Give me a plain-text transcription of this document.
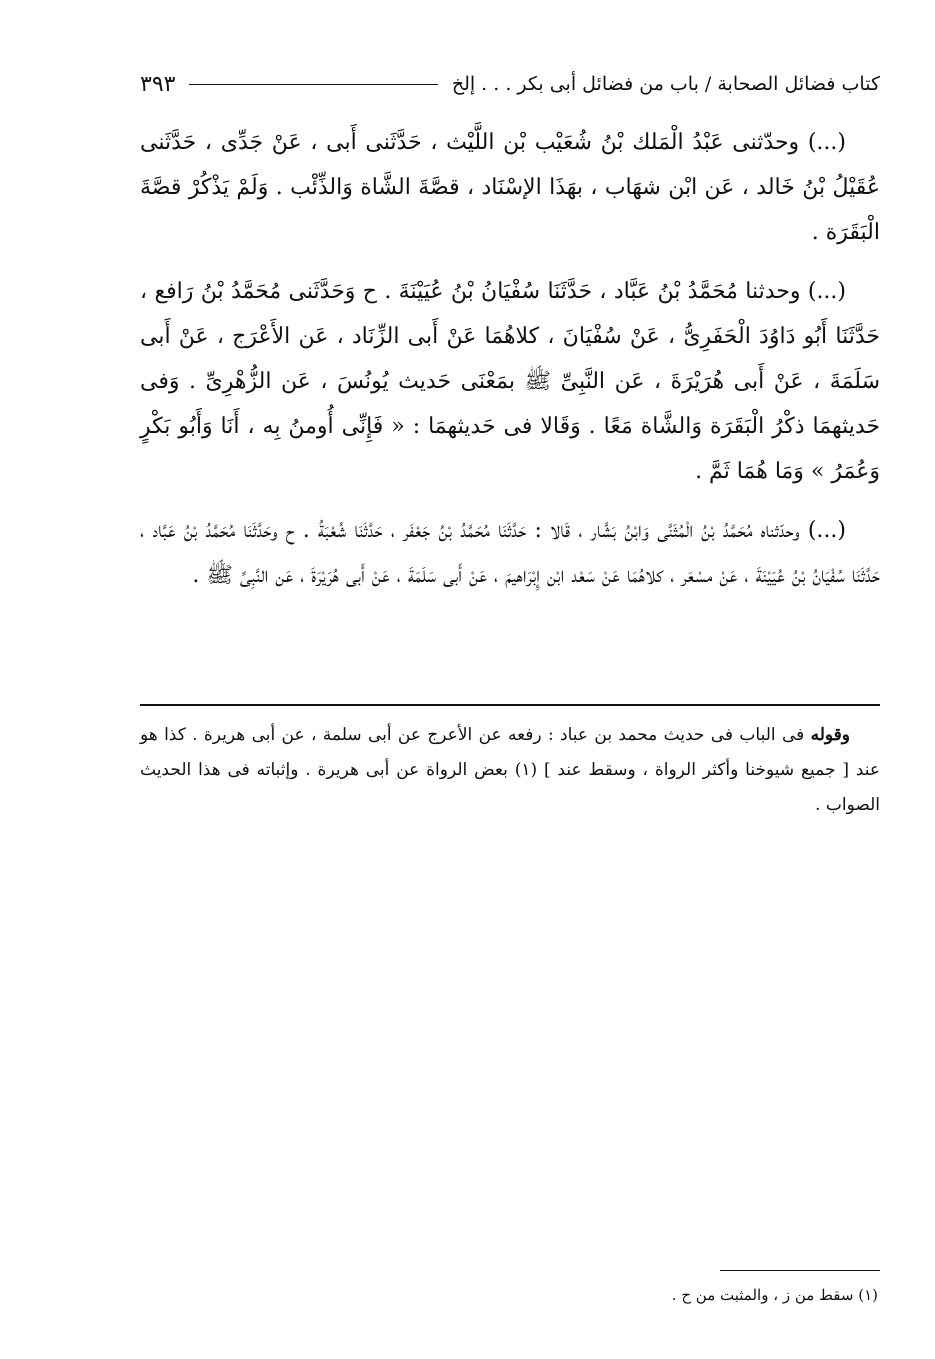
كتاب فضائل الصحابة / باب من فضائل أبى بكر . . . إلخ
٣٩٣

(...) وحدّثنى عَبْدُ الْمَلك بْنُ شُعَيْب بْن اللَّيْث ، حَدَّثَنى أَبى ، عَنْ جَدِّى ، حَدَّثَنى عُقَيْلُ بْنُ خَالد ، عَن ابْن شهَاب ، بهَذَا الإسْنَاد ، قصَّةَ الشَّاة وَالذِّئْب . وَلَمْ يَذْكُرْ قصَّةَ الْبَقَرَة .

(...) وحدثنا مُحَمَّدُ بْنُ عَبَّاد ، حَدَّثَنَا سُفْيَانُ بْنُ عُيَيْنَةَ . ح وَحَدَّثَنى مُحَمَّدُ بْنُ رَافع ، حَدَّثَنَا أَبُو دَاوُدَ الْحَفَرِىُّ ، عَنْ سُفْيَانَ ، كلاهُمَا عَنْ أَبى الزِّنَاد ، عَن الأَعْرَج ، عَنْ أَبى سَلَمَةَ ، عَنْ أَبى هُرَيْرَةَ ، عَن النَّبِىِّ ﷺ بمَعْنَى حَديث يُونُسَ ، عَن الزُّهْرِىِّ . وَفى حَديثهمَا ذكْرُ الْبَقَرَة وَالشَّاة مَعًا . وَقَالا فى حَديثهمَا : « فَإِنِّى أُومنُ بِه ، أَنَا وَأَبُو بَكْرٍ وَعُمَرُ » وَمَا هُمَا ثَمَّ .

(...) وحدّثناه مُحَمَّدُ بْنُ الْمُثَنَّى وَابْنُ بَشَّار ، قَالا : حَدَّثَنَا مُحَمَّدُ بْنُ جَعْفَر ، حَدَّثَنَا شُعْبَةُ . ح وحَدَّثَنَا مُحَمَّدُ بْنُ عَبَّاد ، حَدَّثَنَا سُفْيَانُ بْنُ عُيَيْنَةَ ، عَنْ مسْعَر ، كلاهُمَا عَنْ سَعْد ابْن إِبْرَاهيمَ ، عَنْ أَبى سَلَمَةَ ، عَنْ أَبى هُرَيْرَةَ ، عَن النَّبِىِّ ﷺ .

وقوله فى الباب فى حديث محمد بن عباد : رفعه عن الأعرج عن أبى سلمة ، عن أبى هريرة . كذا هو عند [ جميع شيوخنا وأكثر الرواة ، وسقط عند ] (١) بعض الرواة عن أبى هريرة . وإثباته فى هذا الحديث الصواب .

(١) سقط من ز ، والمثبت من ح .
